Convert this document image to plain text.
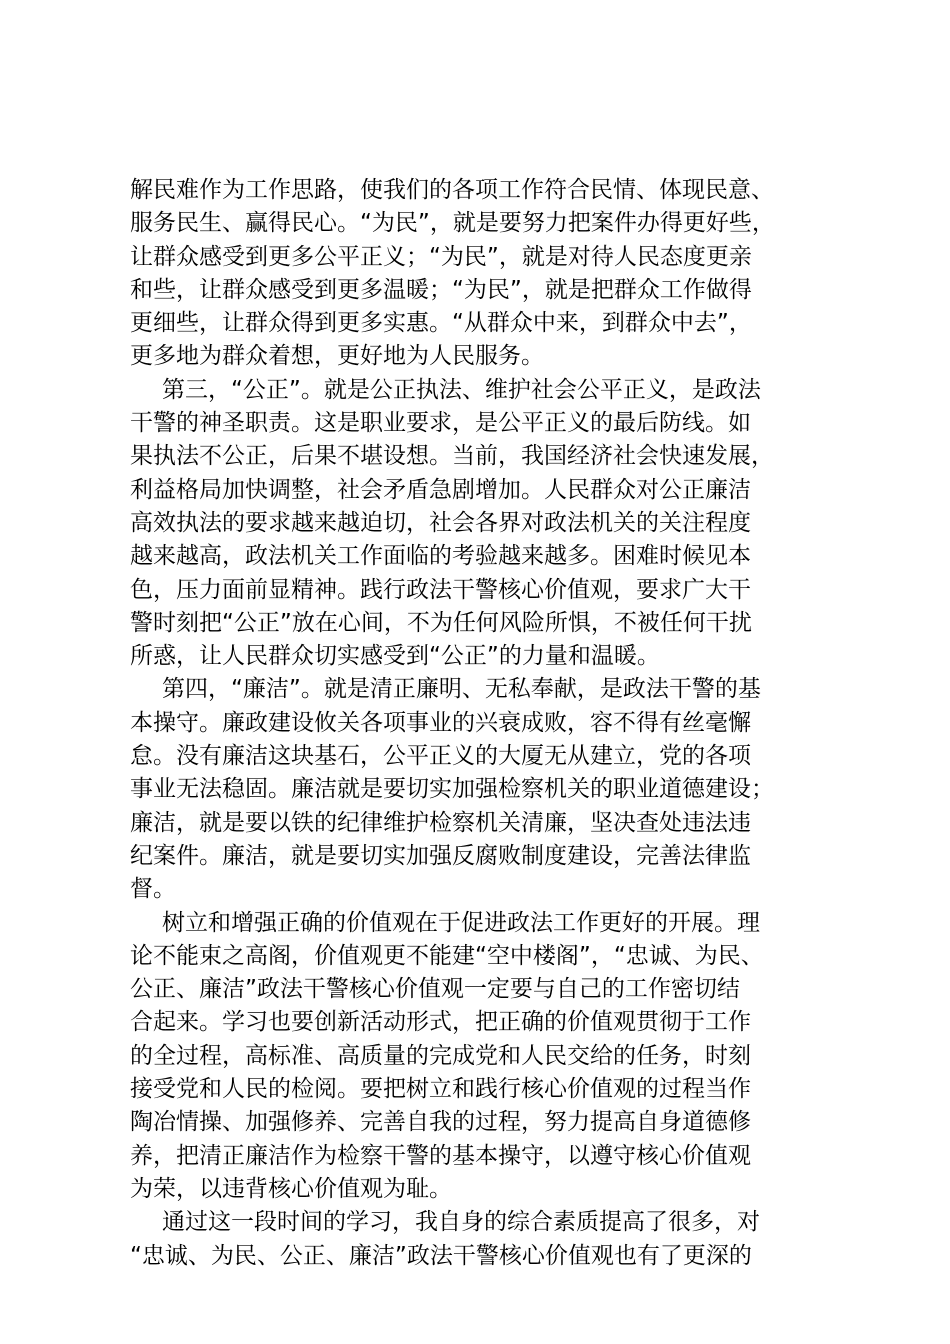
解民难作为工作思路，使我们的各项工作符合民情、体现民意、
服务民生、赢得民心。“为民”，就是要努力把案件办得更好些，
让群众感受到更多公平正义；“为民”，就是对待人民态度更亲
和些，让群众感受到更多温暖；“为民”，就是把群众工作做得
更细些，让群众得到更多实惠。“从群众中来，到群众中去”，
更多地为群众着想，更好地为人民服务。
第三，“公正”。就是公正执法、维护社会公平正义，是政法
干警的神圣职责。这是职业要求，是公平正义的最后防线。如
果执法不公正，后果不堪设想。当前，我国经济社会快速发展，
利益格局加快调整，社会矛盾急剧增加。人民群众对公正廉洁
高效执法的要求越来越迫切，社会各界对政法机关的关注程度
越来越高，政法机关工作面临的考验越来越多。困难时候见本
色，压力面前显精神。践行政法干警核心价值观，要求广大干
警时刻把“公正”放在心间，不为任何风险所惧，不被任何干扰
所惑，让人民群众切实感受到“公正”的力量和温暖。
第四，“廉洁”。就是清正廉明、无私奉献，是政法干警的基
本操守。廉政建设攸关各项事业的兴衰成败，容不得有丝毫懈
怠。没有廉洁这块基石，公平正义的大厦无从建立，党的各项
事业无法稳固。廉洁就是要切实加强检察机关的职业道德建设；
廉洁，就是要以铁的纪律维护检察机关清廉，坚决查处违法违
纪案件。廉洁，就是要切实加强反腐败制度建设，完善法律监
督。
树立和增强正确的价值观在于促进政法工作更好的开展。理
论不能束之高阁，价值观更不能建“空中楼阁”，“忠诚、为民、
公正、廉洁”政法干警核心价值观一定要与自己的工作密切结
合起来。学习也要创新活动形式，把正确的价值观贯彻于工作
的全过程，高标准、高质量的完成党和人民交给的任务，时刻
接受党和人民的检阅。要把树立和践行核心价值观的过程当作
陶冶情操、加强修养、完善自我的过程，努力提高自身道德修
养，把清正廉洁作为检察干警的基本操守，以遵守核心价值观
为荣，以违背核心价值观为耻。
通过这一段时间的学习，我自身的综合素质提高了很多，对
“忠诚、为民、公正、廉洁”政法干警核心价值观也有了更深的
